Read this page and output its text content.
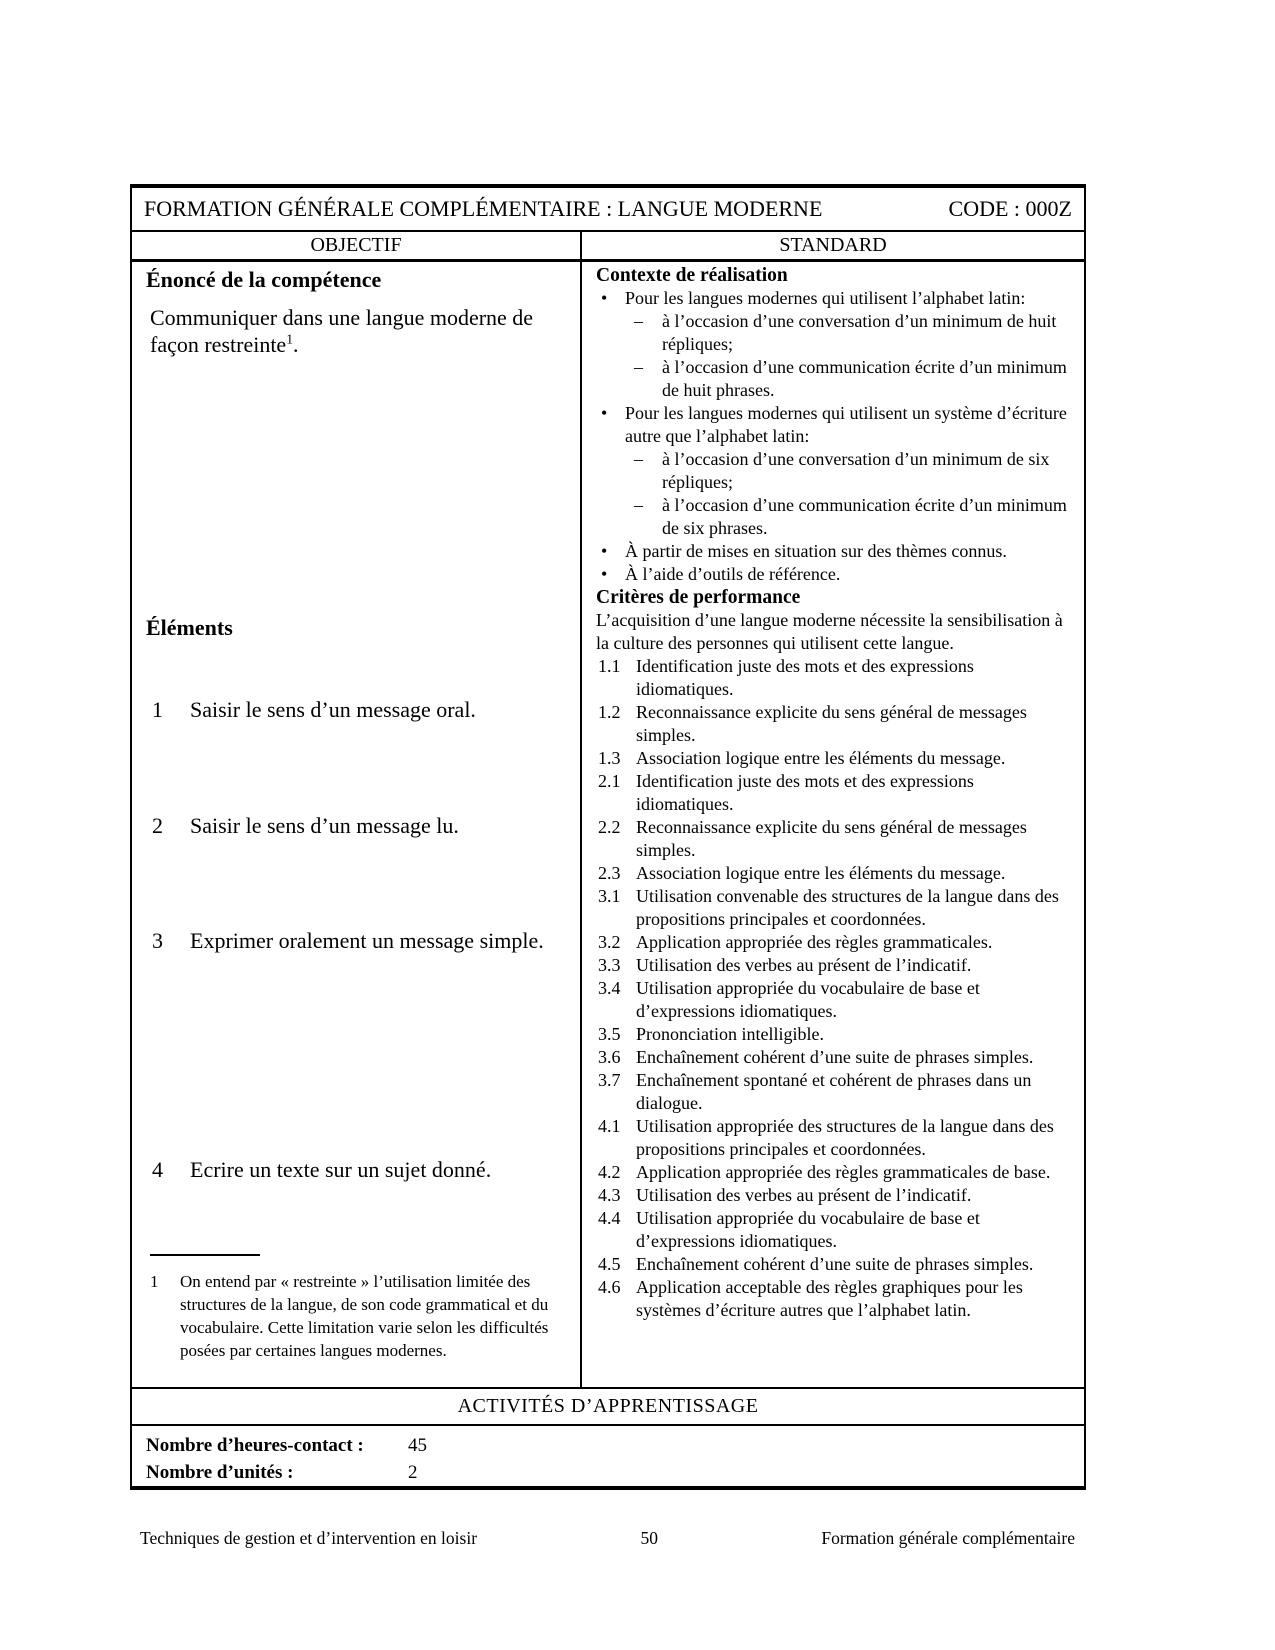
FORMATION GÉNÉRALE COMPLÉMENTAIRE : LANGUE MODERNE	CODE : 000Z
OBJECTIF	STANDARD
Énoncé de la compétence
Communiquer dans une langue moderne de façon restreinte$^1$.
Éléments
1	Saisir le sens d’un message oral.
2	Saisir le sens d’un message lu.
3	Exprimer oralement un message simple.
4	Ecrire un texte sur un sujet donné.
1	On entend par « restreinte » l’utilisation limitée des structures de la langue, de son code grammatical et du vocabulaire. Cette limitation varie selon les difficultés posées par certaines langues modernes.
Contexte de réalisation
• Pour les langues modernes qui utilisent l’alphabet latin:
–	à l’occasion d’une conversation d’un minimum de huit répliques;
–	à l’occasion d’une communication écrite d’un minimum de huit phrases.
• Pour les langues modernes qui utilisent un système d’écriture autre que l’alphabet latin:
–	à l’occasion d’une conversation d’un minimum de six répliques;
–	à l’occasion d’une communication écrite d’un minimum de six phrases.
• À partir de mises en situation sur des thèmes connus.
• À l’aide d’outils de référence.
Critères de performance
L’acquisition d’une langue moderne nécessite la sensibilisation à la culture des personnes qui utilisent cette langue.
1.1 Identification juste des mots et des expressions idiomatiques.
1.2 Reconnaissance explicite du sens général de messages simples.
1.3 Association logique entre les éléments du message.
2.1 Identification juste des mots et des expressions idiomatiques.
2.2 Reconnaissance explicite du sens général de messages simples.
2.3 Association logique entre les éléments du message.
3.1 Utilisation convenable des structures de la langue dans des propositions principales et coordonnées.
3.2 Application appropriée des règles grammaticales.
3.3 Utilisation des verbes au présent de l’indicatif.
3.4 Utilisation appropriée du vocabulaire de base et d’expressions idiomatiques.
3.5 Prononciation intelligible.
3.6 Enchaînement cohérent d’une suite de phrases simples.
3.7 Enchaînement spontané et cohérent de phrases dans un dialogue.
4.1 Utilisation appropriée des structures de la langue dans des propositions principales et coordonnées.
4.2 Application appropriée des règles grammaticales de base.
4.3 Utilisation des verbes au présent de l’indicatif.
4.4 Utilisation appropriée du vocabulaire de base et d’expressions idiomatiques.
4.5 Enchaînement cohérent d’une suite de phrases simples.
4.6 Application acceptable des règles graphiques pour les systèmes d’écriture autres que l’alphabet latin.
ACTIVITÉS D’APPRENTISSAGE
Nombre d’heures-contact :	45
Nombre d’unités :	2
Techniques de gestion et d’intervention en loisir	50	Formation générale complémentaire
